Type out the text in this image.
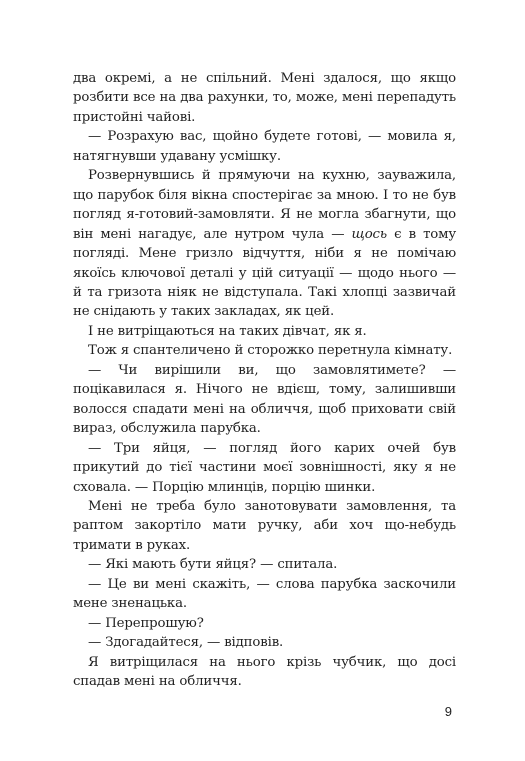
два окремі, а не спільний. Мені здалося, що якщо розбити все на два рахунки, то, може, мені перепадуть пристойні чайові.

— Розрахую вас, щойно будете готові, — мовила я, натягнувши удавану усмішку.

Розвернувшись й прямуючи на кухню, зауважила, що парубок біля вікна спостерігає за мною. І то не був погляд я-готовий-замовляти. Я не могла збагнути, що він мені нагадує, але нутром чула — щось є в тому погляді. Мене гризло відчуття, ніби я не помічаю якоїсь ключової деталі у цій ситуації — щодо нього — й та гризота ніяк не відступала. Такі хлопці зазвичай не снідають у таких закладах, як цей.

І не витріщаються на таких дівчат, як я.

Тож я спантеличено й сторожко перетнула кімнату.

— Чи вирішили ви, що замовлятимете? — поцікавилася я. Нічого не вдієш, тому, залишивши волосся спадати мені на обличчя, щоб приховати свій вираз, обслужила парубка.

— Три яйця, — погляд його карих очей був прикутий до тієї частини моєї зовнішності, яку я не сховала. — Порцію млинців, порцію шинки.

Мені не треба було занотовувати замовлення, та раптом закортіло мати ручку, аби хоч що-небудь тримати в руках.

— Які мають бути яйця? — спитала.

— Це ви мені скажіть, — слова парубка заскочили мене зненацька.

— Перепрошую?

— Здогадайтеся, — відповів.

Я витріщилася на нього крізь чубчик, що досі спадав мені на обличчя.

9
